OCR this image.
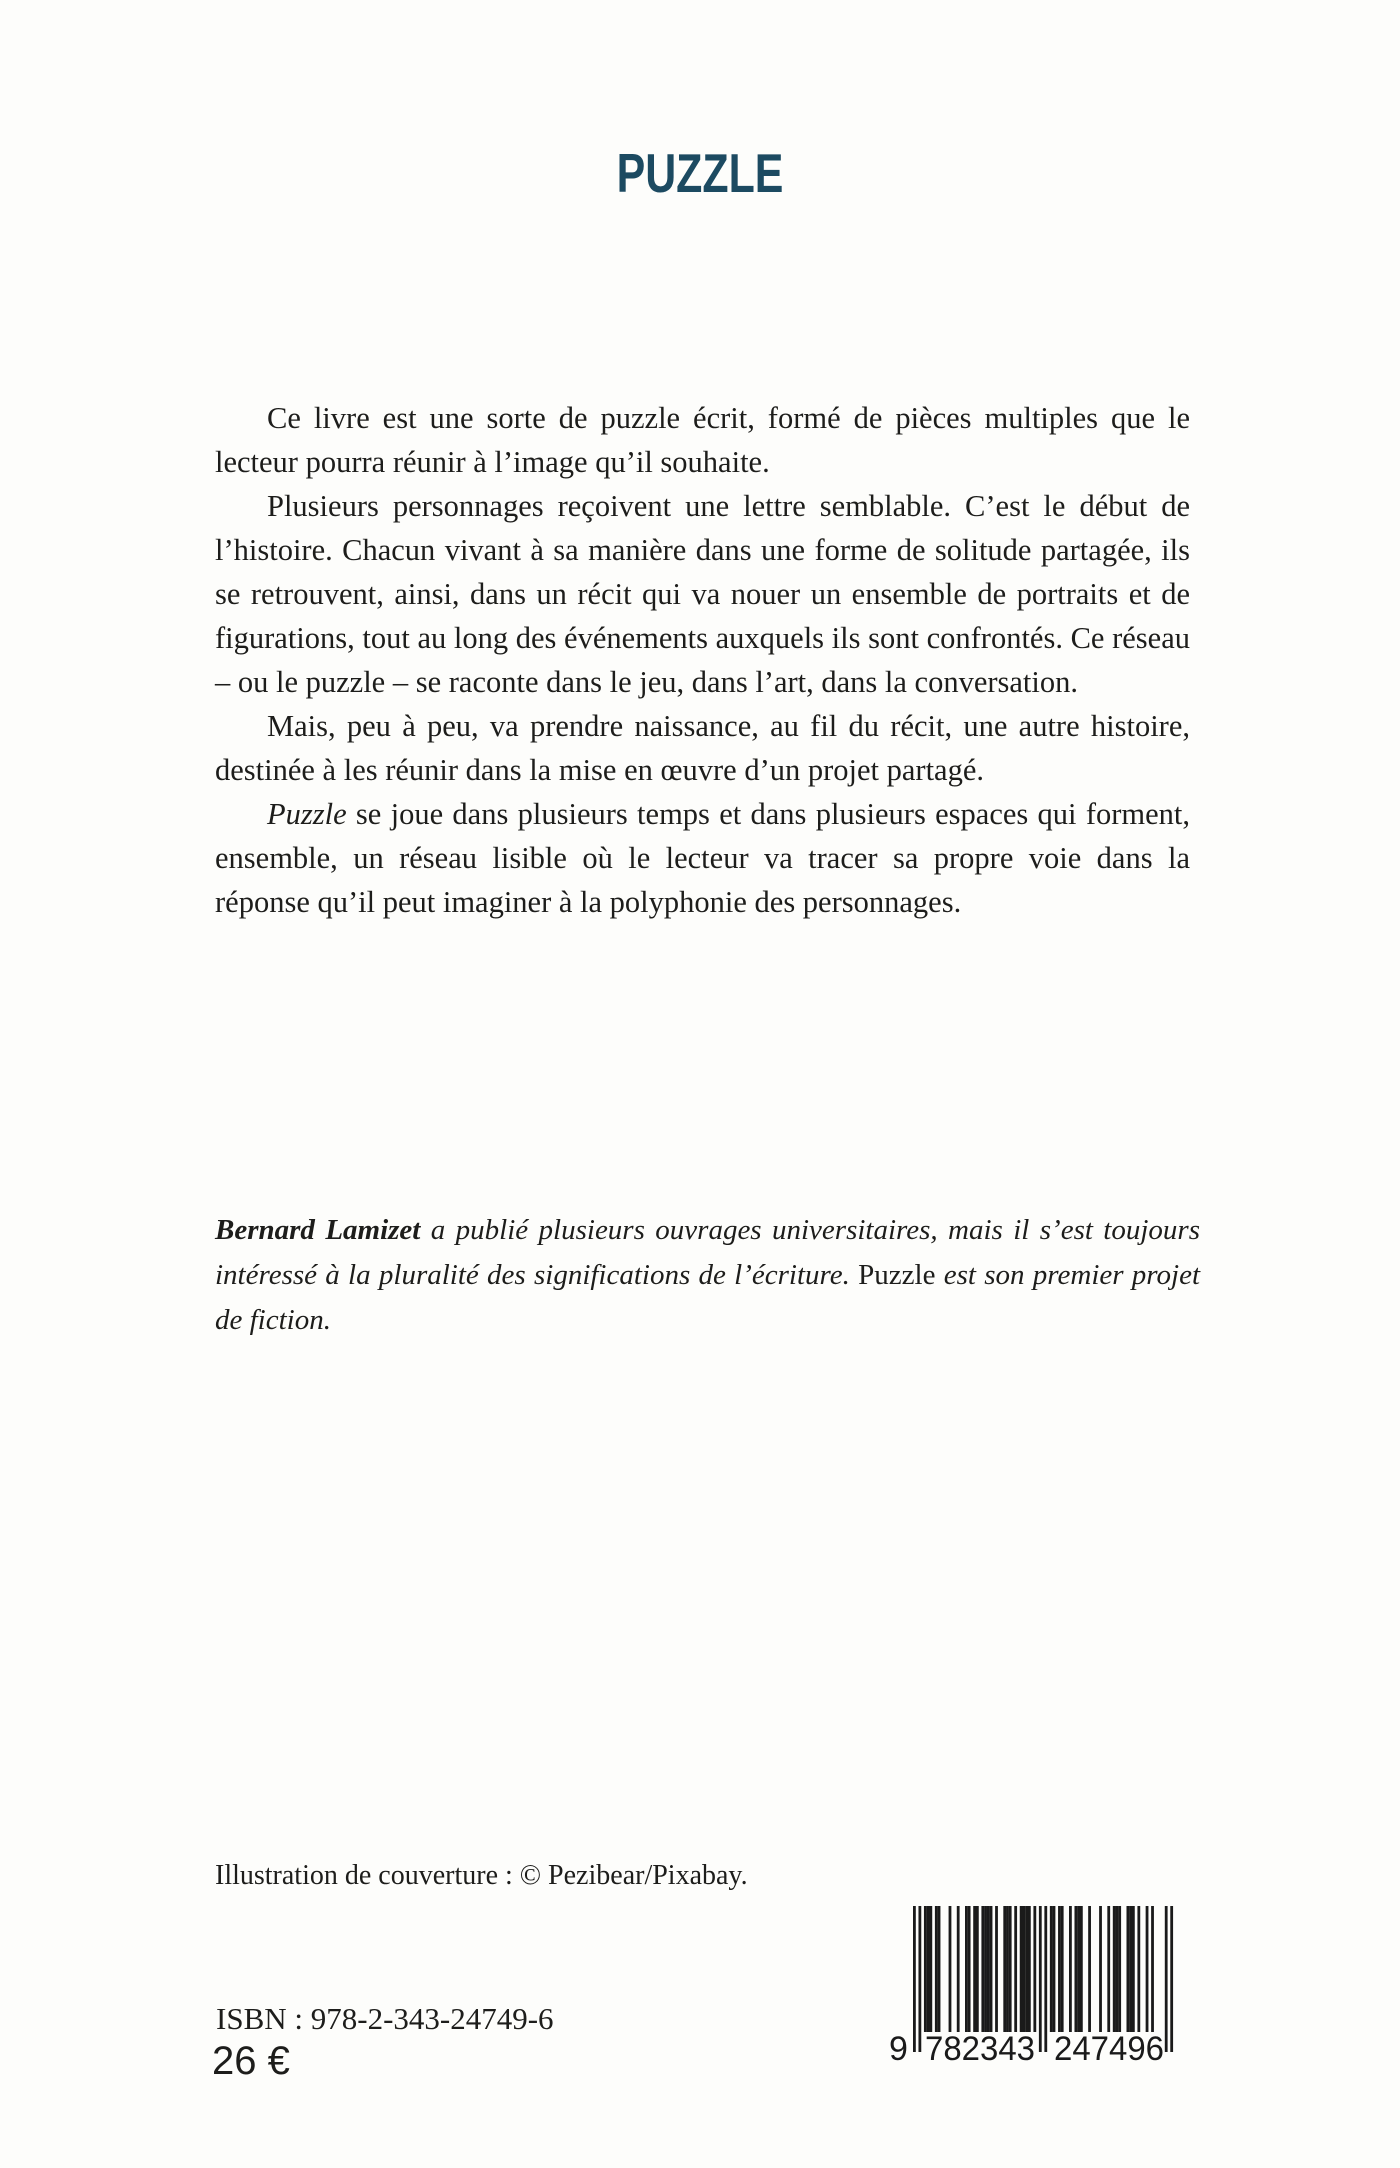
PUZZLE

Ce livre est une sorte de puzzle écrit, formé de pièces multiples que le lecteur pourra réunir à l’image qu’il souhaite.

Plusieurs personnages reçoivent une lettre semblable. C’est le début de l’histoire. Chacun vivant à sa manière dans une forme de solitude partagée, ils se retrouvent, ainsi, dans un récit qui va nouer un ensemble de portraits et de figurations, tout au long des événements auxquels ils sont confrontés. Ce réseau – ou le puzzle – se raconte dans le jeu, dans l’art, dans la conversation.

Mais, peu à peu, va prendre naissance, au fil du récit, une autre histoire, destinée à les réunir dans la mise en œuvre d’un projet partagé.

Puzzle se joue dans plusieurs temps et dans plusieurs espaces qui forment, ensemble, un réseau lisible où le lecteur va tracer sa propre voie dans la réponse qu’il peut imaginer à la polyphonie des personnages.

Bernard Lamizet a publié plusieurs ouvrages universitaires, mais il s’est toujours intéressé à la pluralité des significations de l’écriture. Puzzle est son premier projet de fiction.
Illustration de couverture : © Pezibear/Pixabay.
ISBN : 978-2-343-24749-6
26 €	9 782343 247496
